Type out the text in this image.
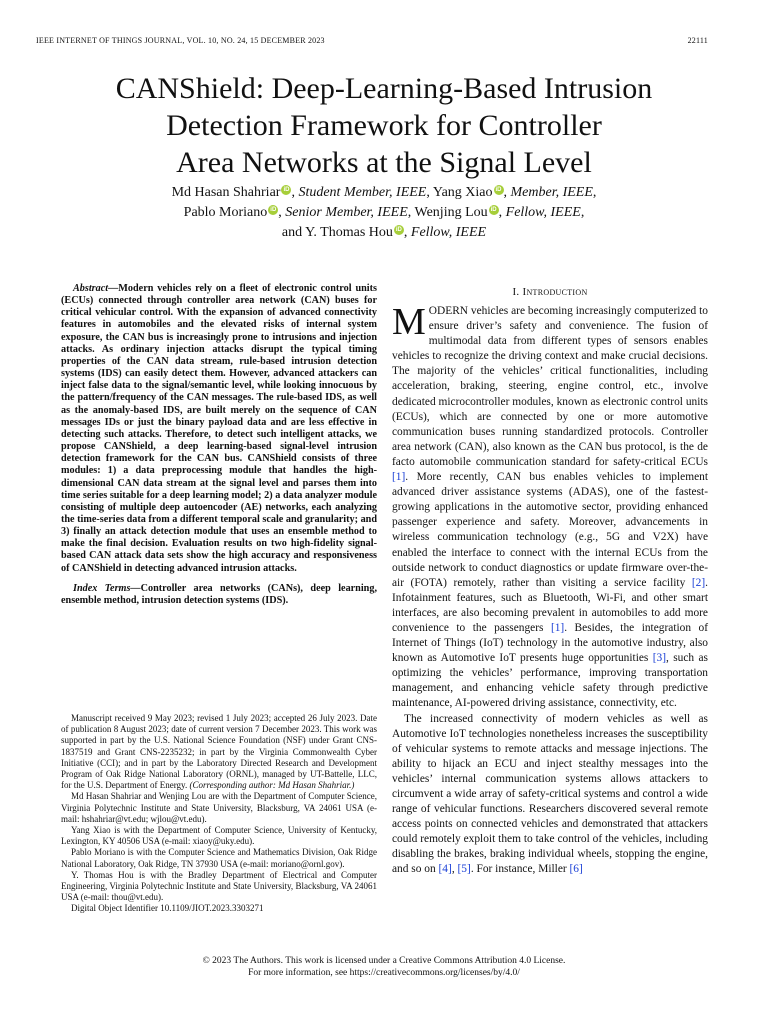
IEEE INTERNET OF THINGS JOURNAL, VOL. 10, NO. 24, 15 DECEMBER 2023	22111
CANShield: Deep-Learning-Based Intrusion
Detection Framework for Controller
Area Networks at the Signal Level
Md Hasan Shahriar iD , Student Member, IEEE, Yang Xiao iD , Member, IEEE,
Pablo Moriano iD , Senior Member, IEEE, Wenjing Lou iD , Fellow, IEEE,
and Y. Thomas Hou iD , Fellow, IEEE

Abstract—Modern vehicles rely on a fleet of electronic control units (ECUs) connected through controller area network (CAN) buses for critical vehicular control. With the expansion of advanced connectivity features in automobiles and the elevated risks of internal system exposure, the CAN bus is increasingly prone to intrusions and injection attacks. As ordinary injection attacks disrupt the typical timing properties of the CAN data stream, rule-based intrusion detection systems (IDS) can easily detect them. However, advanced attackers can inject false data to the signal/semantic level, while looking innocuous by the pattern/frequency of the CAN messages. The rule-based IDS, as well as the anomaly-based IDS, are built merely on the sequence of CAN messages IDs or just the binary payload data and are less effective in detecting such attacks. Therefore, to detect such intelligent attacks, we propose CANShield, a deep learning-based signal-level intrusion detection framework for the CAN bus. CANShield consists of three modules: 1) a data preprocessing module that handles the high-dimensional CAN data stream at the signal level and parses them into time series suitable for a deep learning model; 2) a data analyzer module consisting of multiple deep autoencoder (AE) networks, each analyzing the time-series data from a different temporal scale and granularity; and 3) finally an attack detection module that uses an ensemble method to make the final decision. Evaluation results on two high-fidelity signal-based CAN attack data sets show the high accuracy and responsiveness of CANShield in detecting advanced intrusion attacks.

Index Terms—Controller area networks (CANs), deep learning, ensemble method, intrusion detection systems (IDS).

Manuscript received 9 May 2023; revised 1 July 2023; accepted 26 July 2023. Date of publication 8 August 2023; date of current version 7 December 2023. This work was supported in part by the U.S. National Science Foundation (NSF) under Grant CNS-1837519 and Grant CNS-2235232; in part by the Virginia Commonwealth Cyber Initiative (CCI); and in part by the Laboratory Directed Research and Development Program of Oak Ridge National Laboratory (ORNL), managed by UT-Battelle, LLC, for the U.S. Department of Energy. (Corresponding author: Md Hasan Shahriar.)

Md Hasan Shahriar and Wenjing Lou are with the Department of Computer Science, Virginia Polytechnic Institute and State University, Blacksburg, VA 24061 USA (e-mail: hshahriar@vt.edu; wjlou@vt.edu).

Yang Xiao is with the Department of Computer Science, University of Kentucky, Lexington, KY 40506 USA (e-mail: xiaoy@uky.edu).

Pablo Moriano is with the Computer Science and Mathematics Division, Oak Ridge National Laboratory, Oak Ridge, TN 37930 USA (e-mail: moriano@ornl.gov).

Y. Thomas Hou is with the Bradley Department of Electrical and Computer Engineering, Virginia Polytechnic Institute and State University, Blacksburg, VA 24061 USA (e-mail: thou@vt.edu).

Digital Object Identifier 10.1109/JIOT.2023.3303271

I. Introduction

MODERN vehicles are becoming increasingly computerized to ensure driver’s safety and convenience. The fusion of multimodal data from different types of sensors enables vehicles to recognize the driving context and make crucial decisions. The majority of the vehicles’ critical functionalities, including acceleration, braking, steering, engine control, etc., involve dedicated microcontroller modules, known as electronic control units (ECUs), which are connected by one or more automotive communication buses running standardized protocols. Controller area network (CAN), also known as the CAN bus protocol, is the de facto automobile communication standard for safety-critical ECUs [1]. More recently, CAN bus enables vehicles to implement advanced driver assistance systems (ADAS), one of the fastest-growing applications in the automotive sector, providing enhanced passenger experience and safety. Moreover, advancements in wireless communication technology (e.g., 5G and V2X) have enabled the interface to connect with the internal ECUs from the outside network to conduct diagnostics or update firmware over-the-air (FOTA) remotely, rather than visiting a service facility [2]. Infotainment features, such as Bluetooth, Wi-Fi, and other smart interfaces, are also becoming prevalent in automobiles to add more convenience to the passengers [1]. Besides, the integration of Internet of Things (IoT) technology in the automotive industry, also known as Automotive IoT presents huge opportunities [3], such as optimizing the vehicles’ performance, improving transportation management, and enhancing vehicle safety through predictive maintenance, AI-powered driving assistance, connectivity, etc.

The increased connectivity of modern vehicles as well as Automotive IoT technologies nonetheless increases the susceptibility of vehicular systems to remote attacks and message injections. The ability to hijack an ECU and inject stealthy messages into the vehicles’ internal communication systems allows attackers to circumvent a wide array of safety-critical systems and control a wide range of vehicular functions. Researchers discovered several remote access points on connected vehicles and demonstrated that attackers could remotely exploit them to take control of the vehicles, including disabling the brakes, braking individual wheels, stopping the engine, and so on [4], [5]. For instance, Miller [6]

© 2023 The Authors. This work is licensed under a Creative Commons Attribution 4.0 License.
For more information, see https://creativecommons.org/licenses/by/4.0/
